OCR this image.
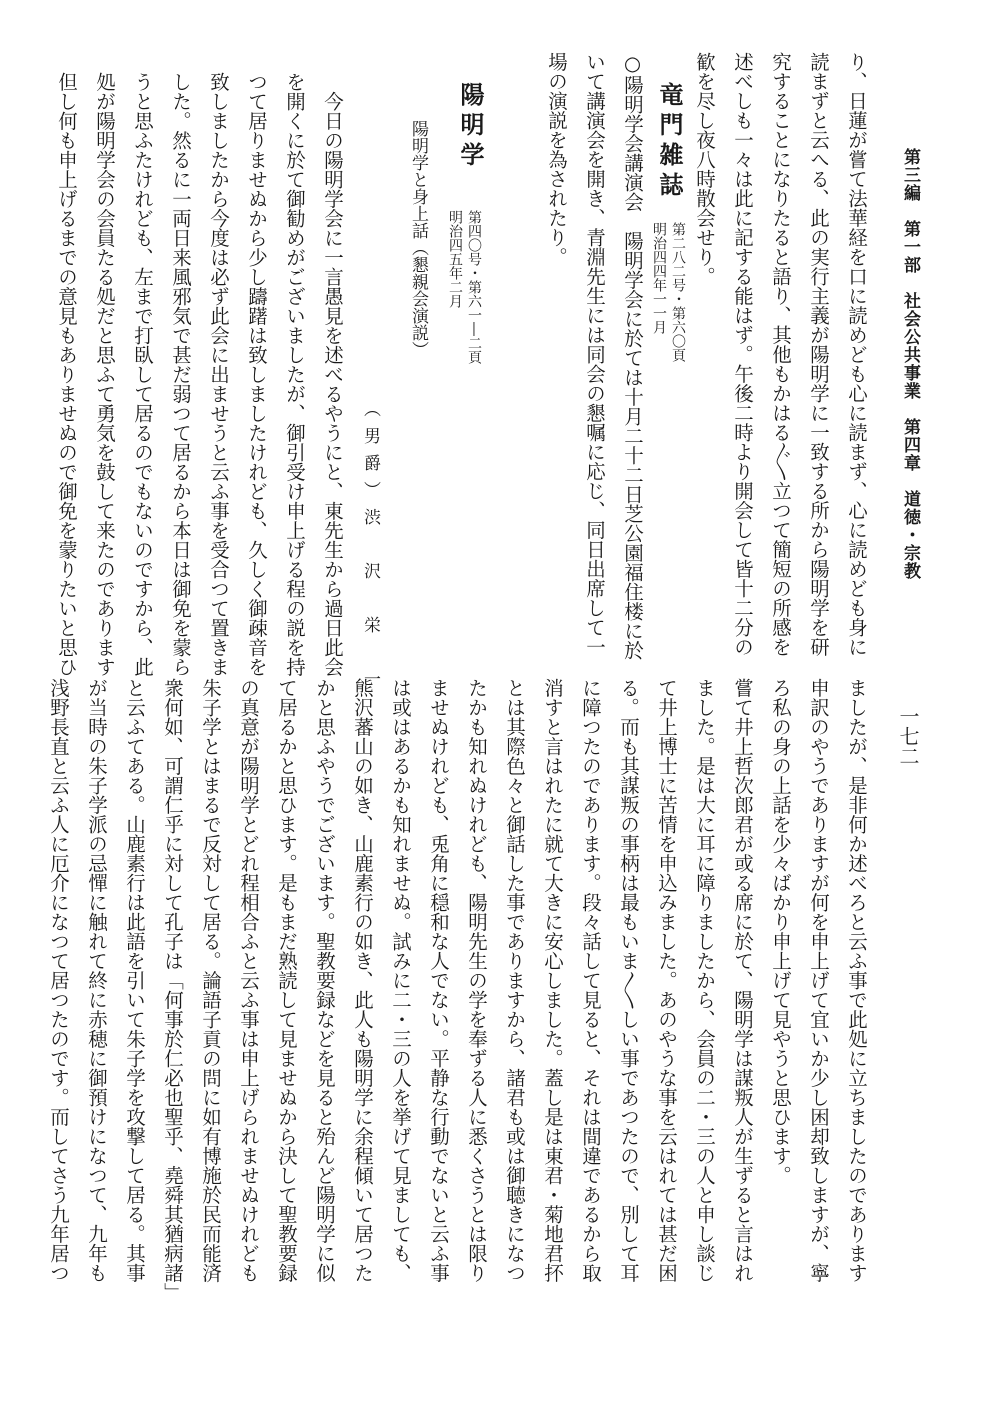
第三編　第一部　社会公共事業　第四章　道徳・宗教
り、日蓮が嘗て法華経を口に読めども心に読まず、心に読めども身に
読まずと云へる、此の実行主義が陽明学に一致する所から陽明学を研
究することになりたると語り、其他もかはる〴〵立つて簡短の所感を
述べしも一々は此に記する能はず。午後二時より開会して皆十二分の
歓を尽し夜八時散会せり。
竜門雑誌
第二八二号・第六〇頁
明治四四年一一月
○陽明学会講演会　陽明学会に於ては十月二十二日芝公園福住楼に於
いて講演会を開き、青淵先生には同会の懇嘱に応じ、同日出席して一
場の演説を為されたり。
陽明学
第四〇号・第六一―二頁
明治四五年二月
陽明学と身上話（懇親会演説）
（男爵）渋　沢　栄　一
　今日の陽明学会に一言愚見を述べるやうにと、東先生から過日此会
を開くに於て御勧めがございましたが、御引受け申上げる程の説を持
つて居りませぬから少し躊躇は致しましたけれども、久しく御疎音を
致しましたから今度は必ず此会に出ませうと云ふ事を受合つて置きま
した。然るに一両日来風邪気で甚だ弱つて居るから本日は御免を蒙ら
うと思ふたけれども、左まで打臥して居るのでもないのですから、此
処が陽明学会の会員たる処だと思ふて勇気を鼓して来たのであります
但し何も申上げるまでの意見もありませぬので御免を蒙りたいと思ひ
一七二
ましたが、是非何か述べろと云ふ事で此処に立ちましたのであります
申訳のやうでありますが何を申上げて宜いか少し困却致しますが、寧
ろ私の身の上話を少々ばかり申上げて見やうと思ひます。
嘗て井上哲次郎君が或る席に於て、陽明学は謀叛人が生ずると言はれ
ました。是は大に耳に障りましたから、会員の二・三の人と申し談じ
て井上博士に苦情を申込みました。あのやうな事を云はれては甚だ困
る。而も其謀叛の事柄は最もいま〳〵しい事であつたので、別して耳
に障つたのであります。段々話して見ると、それは間違であるから取
消すと言はれたに就て大きに安心しました。蓋し是は東君・菊地君抔
とは其際色々と御話した事でありますから、諸君も或は御聴きになつ
たかも知れぬけれども、陽明先生の学を奉ずる人に悉くさうとは限り
ませぬけれども、兎角に穏和な人でない。平静な行動でないと云ふ事
は或はあるかも知れませぬ。試みに二・三の人を挙げて見ましても、
熊沢蕃山の如き、山鹿素行の如き、此人も陽明学に余程傾いて居つた
かと思ふやうでございます。聖教要録などを見ると殆んど陽明学に似
て居るかと思ひます。是もまだ熟読して見ませぬから決して聖教要録
の真意が陽明学とどれ程相合ふと云ふ事は申上げられませぬけれども
朱子学とはまるで反対して居る。論語子貢の問に如有博施於民而能済
衆何如、可謂仁乎に対して孔子は「何事於仁必也聖乎、堯舜其猶病諸」
と云ふてある。山鹿素行は此語を引いて朱子学を攻撃して居る。其事
が当時の朱子学派の忌憚に触れて終に赤穂に御預けになつて、九年も
浅野長直と云ふ人に厄介になつて居つたのです。而してさう九年居つ
